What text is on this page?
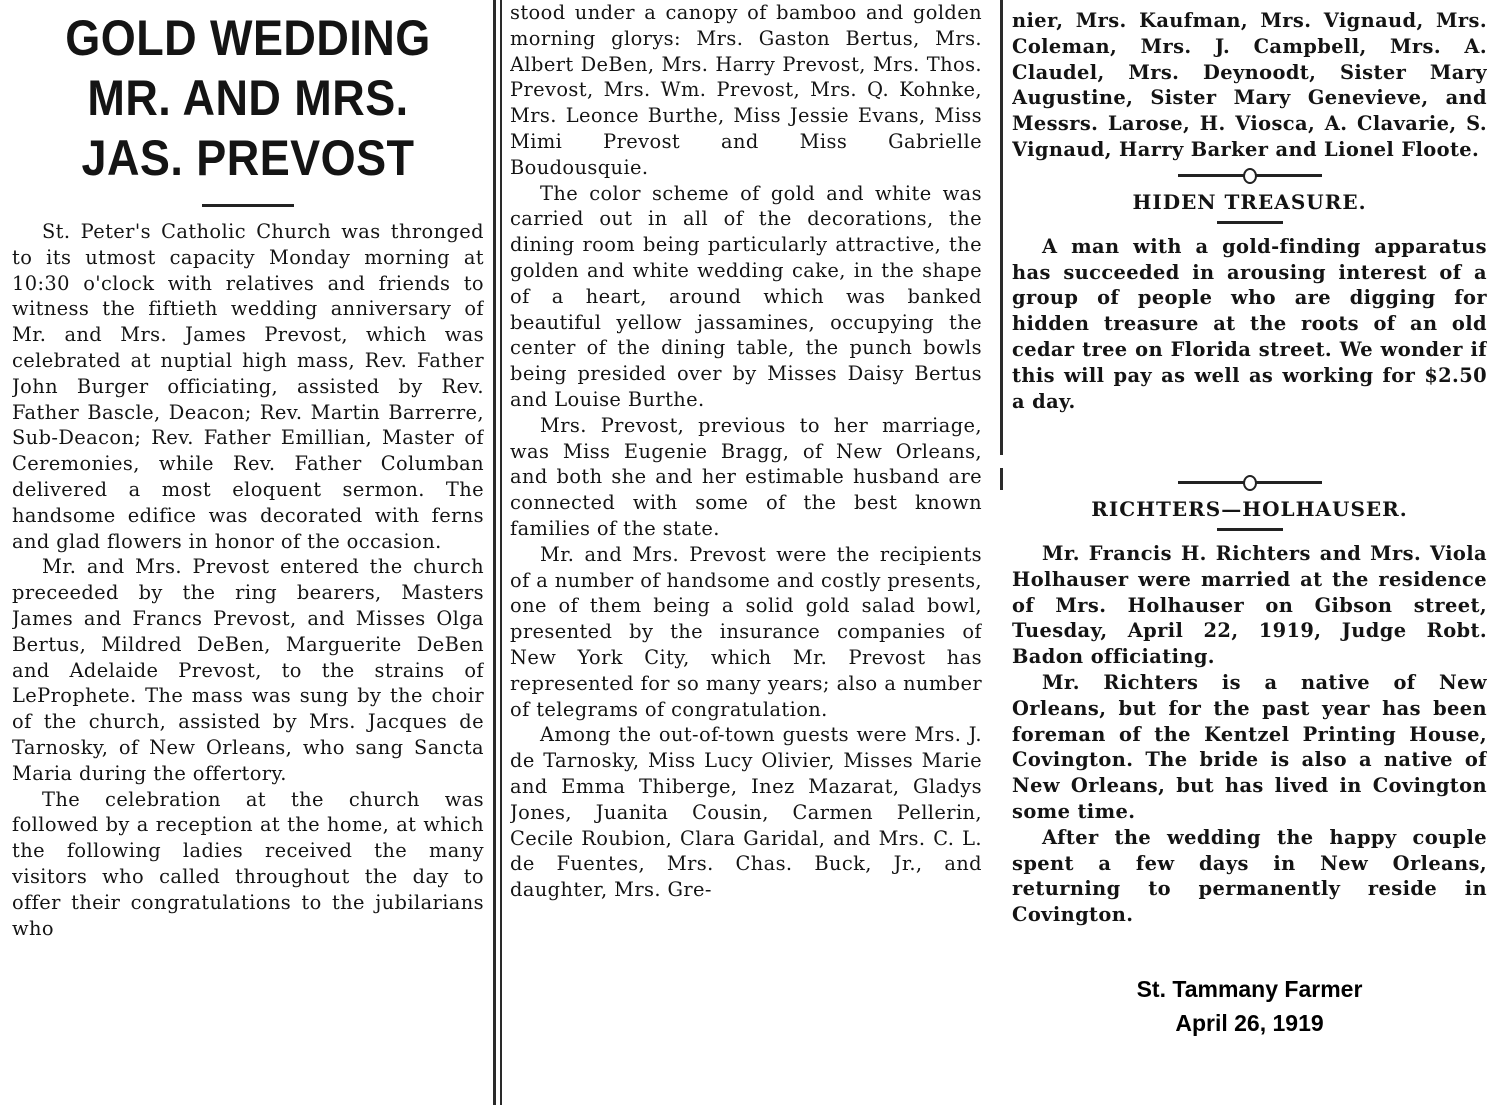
GOLD WEDDING
MR. AND MRS.
JAS. PREVOST

St. Peter's Catholic Church was thronged to its utmost capacity Monday morning at 10:30 o'clock with relatives and friends to witness the fiftieth wedding anniversary of Mr. and Mrs. James Prevost, which was celebrated at nuptial high mass, Rev. Father John Burger officiating, assisted by Rev. Father Bascle, Deacon; Rev. Martin Barrerre, Sub-Deacon; Rev. Father Emillian, Master of Ceremonies, while Rev. Father Columban delivered a most eloquent sermon. The handsome edifice was decorated with ferns and glad flowers in honor of the occasion.

Mr. and Mrs. Prevost entered the church preceeded by the ring bearers, Masters James and Francs Prevost, and Misses Olga Bertus, Mildred DeBen, Marguerite DeBen and Adelaide Prevost, to the strains of LeProphete. The mass was sung by the choir of the church, assisted by Mrs. Jacques de Tarnosky, of New Orleans, who sang Sancta Maria during the offertory.

The celebration at the church was followed by a reception at the home, at which the following ladies received the many visitors who called throughout the day to offer their congratulations to the jubilarians who

stood under a canopy of bamboo and golden morning glorys: Mrs. Gaston Bertus, Mrs. Albert DeBen, Mrs. Harry Prevost, Mrs. Thos. Prevost, Mrs. Wm. Prevost, Mrs. Q. Kohnke, Mrs. Leonce Burthe, Miss Jessie Evans, Miss Mimi Prevost and Miss Gabrielle Boudousquie.

The color scheme of gold and white was carried out in all of the decorations, the dining room being particularly attractive, the golden and white wedding cake, in the shape of a heart, around which was banked beautiful yellow jassamines, occupying the center of the dining table, the punch bowls being presided over by Misses Daisy Bertus and Louise Burthe.

Mrs. Prevost, previous to her marriage, was Miss Eugenie Bragg, of New Orleans, and both she and her estimable husband are connected with some of the best known families of the state.

Mr. and Mrs. Prevost were the recipients of a number of handsome and costly presents, one of them being a solid gold salad bowl, presented by the insurance companies of New York City, which Mr. Prevost has represented for so many years; also a number of telegrams of congratulation.

Among the out-of-town guests were Mrs. J. de Tarnosky, Miss Lucy Olivier, Misses Marie and Emma Thiberge, Inez Mazarat, Gladys Jones, Juanita Cousin, Carmen Pellerin, Cecile Roubion, Clara Garidal, and Mrs. C. L. de Fuentes, Mrs. Chas. Buck, Jr., and daughter, Mrs. Gre-

nier, Mrs. Kaufman, Mrs. Vignaud, Mrs. Coleman, Mrs. J. Campbell, Mrs. A. Claudel, Mrs. Deynoodt, Sister Mary Augustine, Sister Mary Genevieve, and Messrs. Larose, H. Viosca, A. Clavarie, S. Vignaud, Harry Barker and Lionel Floote.

HIDEN TREASURE.

A man with a gold-finding apparatus has succeeded in arousing interest of a group of people who are digging for hidden treasure at the roots of an old cedar tree on Florida street. We wonder if this will pay as well as working for $2.50 a day.

RICHTERS—HOLHAUSER.

Mr. Francis H. Richters and Mrs. Viola Holhauser were married at the residence of Mrs. Holhauser on Gibson street, Tuesday, April 22, 1919, Judge Robt. Badon officiating.

Mr. Richters is a native of New Orleans, but for the past year has been foreman of the Kentzel Printing House, Covington. The bride is also a native of New Orleans, but has lived in Covington some time.

After the wedding the happy couple spent a few days in New Orleans, returning to permanently reside in Covington.

St. Tammany Farmer
April 26, 1919
